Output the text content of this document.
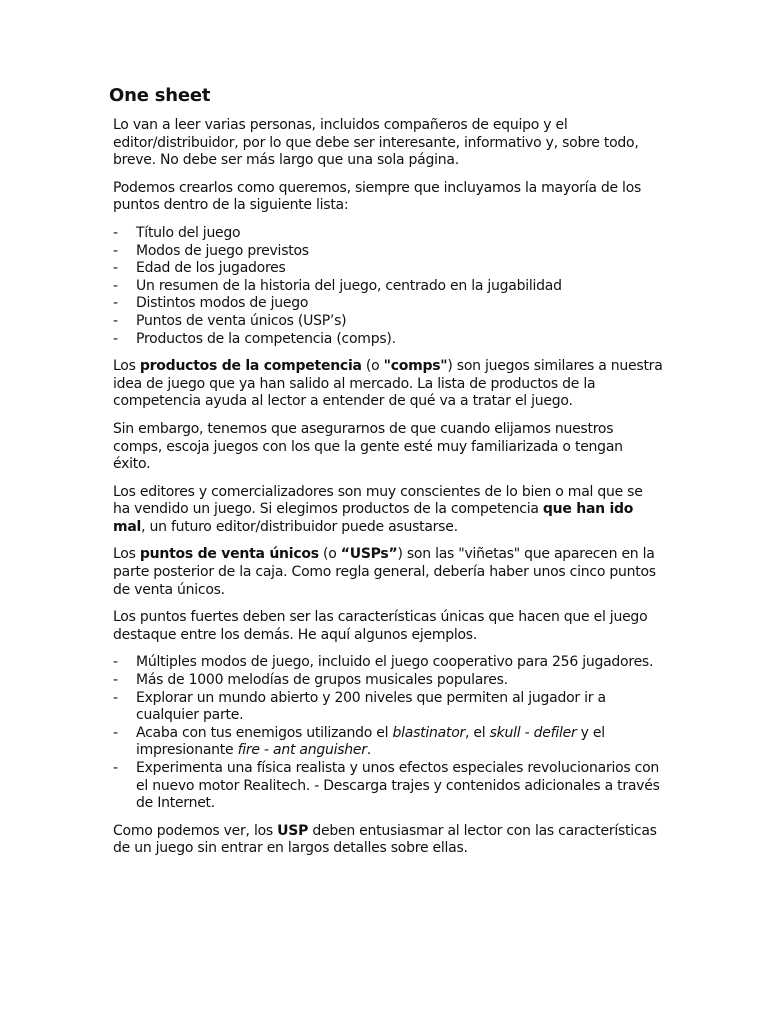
One sheet

Lo van a leer varias personas, incluidos compañeros de equipo y el editor/distribuidor, por lo que debe ser interesante, informativo y, sobre todo, breve. No debe ser más largo que una sola página.

Podemos crearlos como queremos, siempre que incluyamos la mayoría de los puntos dentro de la siguiente lista:

- Título del juego
- Modos de juego previstos
- Edad de los jugadores
- Un resumen de la historia del juego, centrado en la jugabilidad
- Distintos modos de juego
- Puntos de venta únicos (USP’s)
- Productos de la competencia (comps).

Los productos de la competencia (o "comps") son juegos similares a nuestra idea de juego que ya han salido al mercado. La lista de productos de la competencia ayuda al lector a entender de qué va a tratar el juego.

Sin embargo, tenemos que asegurarnos de que cuando elijamos nuestros comps, escoja juegos con los que la gente esté muy familiarizada o tengan éxito.

Los editores y comercializadores son muy conscientes de lo bien o mal que se ha vendido un juego. Si elegimos productos de la competencia que han ido mal, un futuro editor/distribuidor puede asustarse.

Los puntos de venta únicos (o “USPs”) son las "viñetas" que aparecen en la parte posterior de la caja. Como regla general, debería haber unos cinco puntos de venta únicos.

Los puntos fuertes deben ser las características únicas que hacen que el juego destaque entre los demás. He aquí algunos ejemplos.

- Múltiples modos de juego, incluido el juego cooperativo para 256 jugadores.
- Más de 1000 melodías de grupos musicales populares.
- Explorar un mundo abierto y 200 niveles que permiten al jugador ir a cualquier parte.
- Acaba con tus enemigos utilizando el blastinator, el skull - defiler y el impresionante fire - ant anguisher.
- Experimenta una física realista y unos efectos especiales revolucionarios con el nuevo motor Realitech. - Descarga trajes y contenidos adicionales a través de Internet.

Como podemos ver, los USP deben entusiasmar al lector con las características de un juego sin entrar en largos detalles sobre ellas.
